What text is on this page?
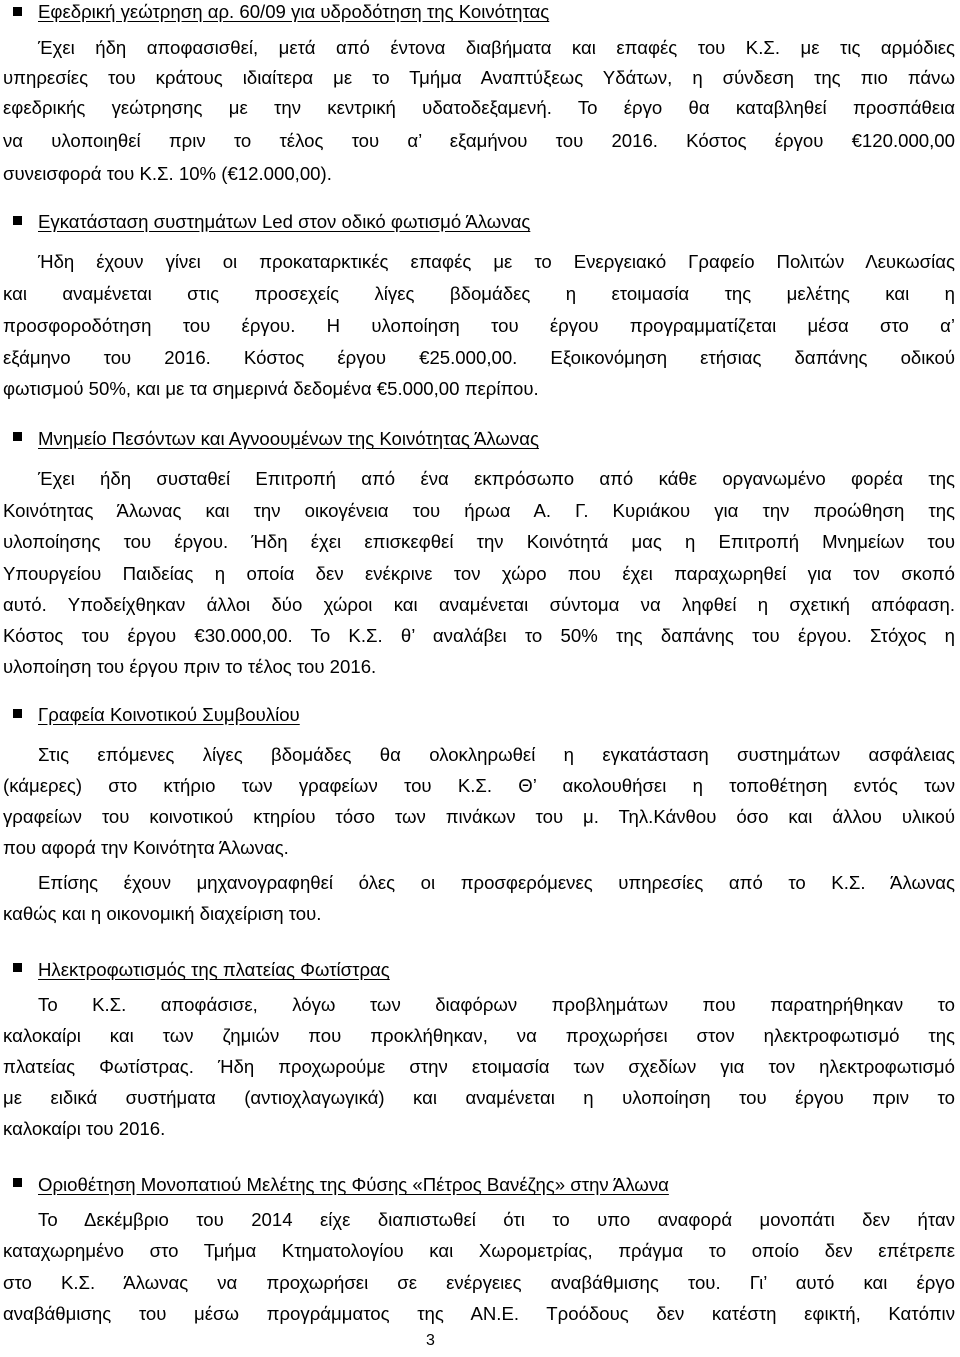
Εφεδρική γεώτρηση αρ. 60/09 για υδροδότηση της Κοινότητας
Έχει ήδη αποφασισθεί, μετά από έντονα διαβήματα και επαφές του Κ.Σ. με τις αρμόδιες
υπηρεσίες του κράτους ιδιαίτερα με το Τμήμα Αναπτύξεως Υδάτων, η σύνδεση της πιο πάνω
εφεδρικής γεώτρησης με την κεντρική υδατοδεξαμενή. Το έργο θα καταβληθεί προσπάθεια
να υλοποιηθεί πριν το τέλος του α’ εξαμήνου του 2016. Κόστος έργου €120.000,00
συνεισφορά του Κ.Σ. 10% (€12.000,00).
Εγκατάσταση συστημάτων Led στον οδικό φωτισμό Άλωνας
Ήδη έχουν γίνει οι προκαταρκτικές επαφές με το Ενεργειακό Γραφείο Πολιτών Λευκωσίας
και αναμένεται στις προσεχείς λίγες βδομάδες η ετοιμασία της μελέτης και η
προσφοροδότηση του έργου. Η υλοποίηση του έργου προγραμματίζεται μέσα στο α’
εξάμηνο του 2016. Κόστος έργου €25.000,00. Εξοικονόμηση ετήσιας δαπάνης οδικού
φωτισμού 50%, και με τα σημερινά δεδομένα €5.000,00 περίπου.
Μνημείο Πεσόντων και Αγνοουμένων της Κοινότητας Άλωνας
Έχει ήδη συσταθεί Επιτροπή από ένα εκπρόσωπο από κάθε οργανωμένο φορέα της
Κοινότητας Άλωνας και την οικογένεια του ήρωα Α. Γ. Κυριάκου για την προώθηση της
υλοποίησης του έργου. Ήδη έχει επισκεφθεί την Κοινότητά μας η Επιτροπή Μνημείων του
Υπουργείου Παιδείας η οποία δεν ενέκρινε τον χώρο που έχει παραχωρηθεί για τον σκοπό
αυτό. Υποδείχθηκαν άλλοι δύο χώροι και αναμένεται σύντομα να ληφθεί η σχετική απόφαση.
Κόστος του έργου €30.000,00. Το Κ.Σ. θ’ αναλάβει το 50% της δαπάνης του έργου. Στόχος η
υλοποίηση του έργου πριν το τέλος του 2016.
Γραφεία Κοινοτικού Συμβουλίου
Στις επόμενες λίγες βδομάδες θα ολοκληρωθεί η εγκατάσταση συστημάτων ασφάλειας
(κάμερες) στο κτήριο των γραφείων του Κ.Σ. Θ’ ακολουθήσει η τοποθέτηση εντός των
γραφείων του κοινοτικού κτηρίου τόσο των πινάκων του μ. Τηλ.Κάνθου όσο και άλλου υλικού
που αφορά την Κοινότητα Άλωνας.
Επίσης έχουν μηχανογραφηθεί όλες οι προσφερόμενες υπηρεσίες από το Κ.Σ. Άλωνας
καθώς και η οικονομική διαχείριση του.
Ηλεκτροφωτισμός της πλατείας Φωτίστρας
Το Κ.Σ. αποφάσισε, λόγω των διαφόρων προβλημάτων που παρατηρήθηκαν το
καλοκαίρι και των ζημιών που προκλήθηκαν, να προχωρήσει στον ηλεκτροφωτισμό της
πλατείας Φωτίστρας. Ήδη προχωρούμε στην ετοιμασία των σχεδίων για τον ηλεκτροφωτισμό
με ειδικά συστήματα (αντιοχλαγωγικά) και αναμένεται η υλοποίηση του έργου πριν το
καλοκαίρι του 2016.
Οριοθέτηση Μονοπατιού Μελέτης της Φύσης «Πέτρος Βανέζης» στην Άλωνα
Το Δεκέμβριο του 2014 είχε διαπιστωθεί ότι το υπο αναφορά μονοπάτι δεν ήταν
καταχωρημένο στο Τμήμα Κτηματολογίου και Χωρομετρίας, πράγμα το οποίο δεν επέτρεπε
στο Κ.Σ. Άλωνας να προχωρήσει σε ενέργειες αναβάθμισης του. Γι’ αυτό και έργο
αναβάθμισης του μέσω προγράμματος της ΑΝ.Ε. Τροόδους δεν κατέστη εφικτή, Κατόπιν
3
